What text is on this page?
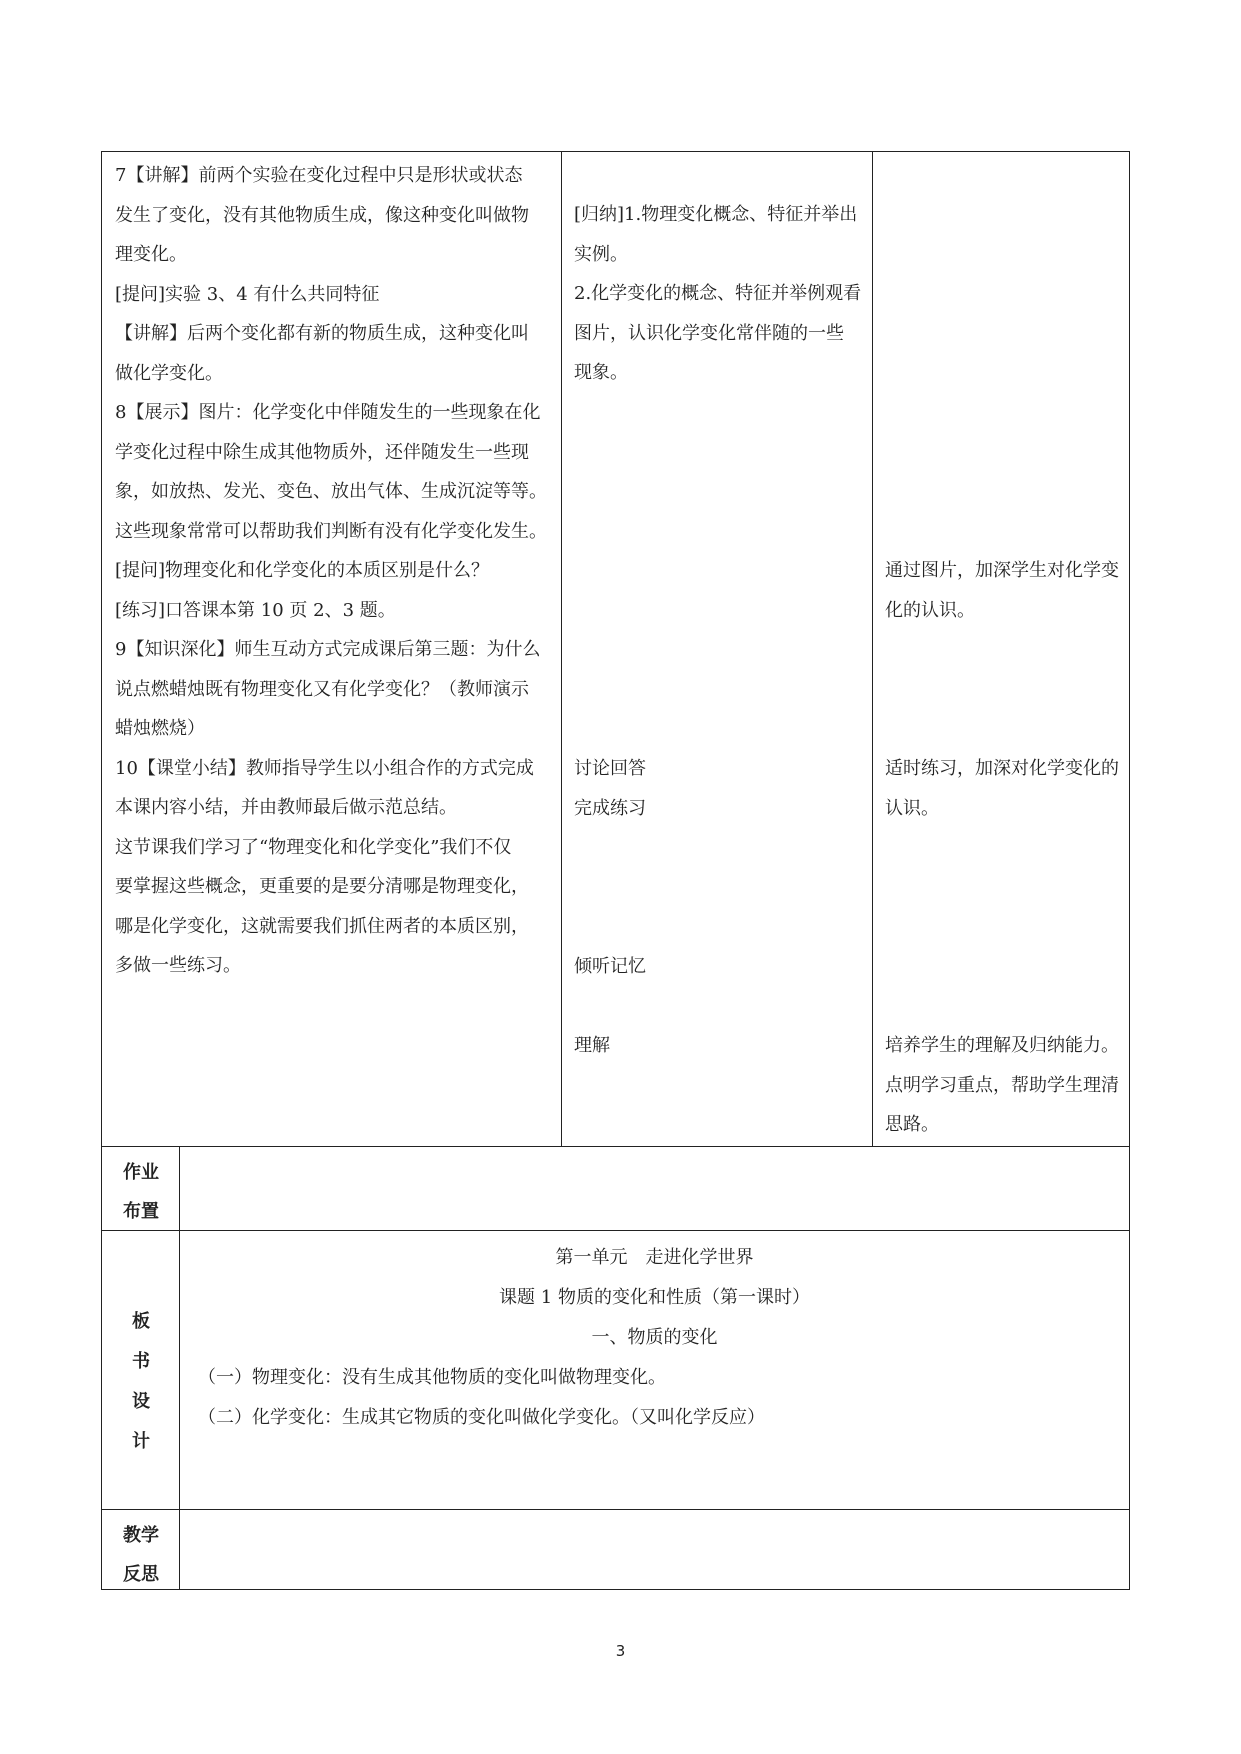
7【讲解】前两个实验在变化过程中只是形状或状态

发生了变化，没有其他物质生成，像这种变化叫做物

理变化。

[提问]实验 3、4 有什么共同特征

【讲解】后两个变化都有新的物质生成，这种变化叫

做化学变化。

8【展示】图片：化学变化中伴随发生的一些现象在化

学变化过程中除生成其他物质外，还伴随发生一些现

象，如放热、发光、变色、放出气体、生成沉淀等等。

这些现象常常可以帮助我们判断有没有化学变化发生。

[提问]物理变化和化学变化的本质区别是什么？

[练习]口答课本第 10 页 2、3 题。

9【知识深化】师生互动方式完成课后第三题：为什么

说点燃蜡烛既有物理变化又有化学变化？（教师演示

蜡烛燃烧）

10【课堂小结】教师指导学生以小组合作的方式完成

本课内容小结，并由教师最后做示范总结。

这节课我们学习了“物理变化和化学变化”我们不仅

要掌握这些概念，更重要的是要分清哪是物理变化，

哪是化学变化，这就需要我们抓住两者的本质区别，

多做一些练习。

[归纳]1.物理变化概念、特征并举出

实例。

2.化学变化的概念、特征并举例观看

图片，认识化学变化常伴随的一些

现象。

讨论回答

完成练习

倾听记忆

理解

通过图片，加深学生对化学变

化的认识。

适时练习，加深对化学变化的

认识。

培养学生的理解及归纳能力。

点明学习重点，帮助学生理清

思路。

作业
布置
板
书
设
计
第一单元　走进化学世界
课题 1 物质的变化和性质（第一课时）
一、物质的变化
（一）物理变化：没有生成其他物质的变化叫做物理变化。
（二）化学变化：生成其它物质的变化叫做化学变化。（又叫化学反应）
教学
反思
3
